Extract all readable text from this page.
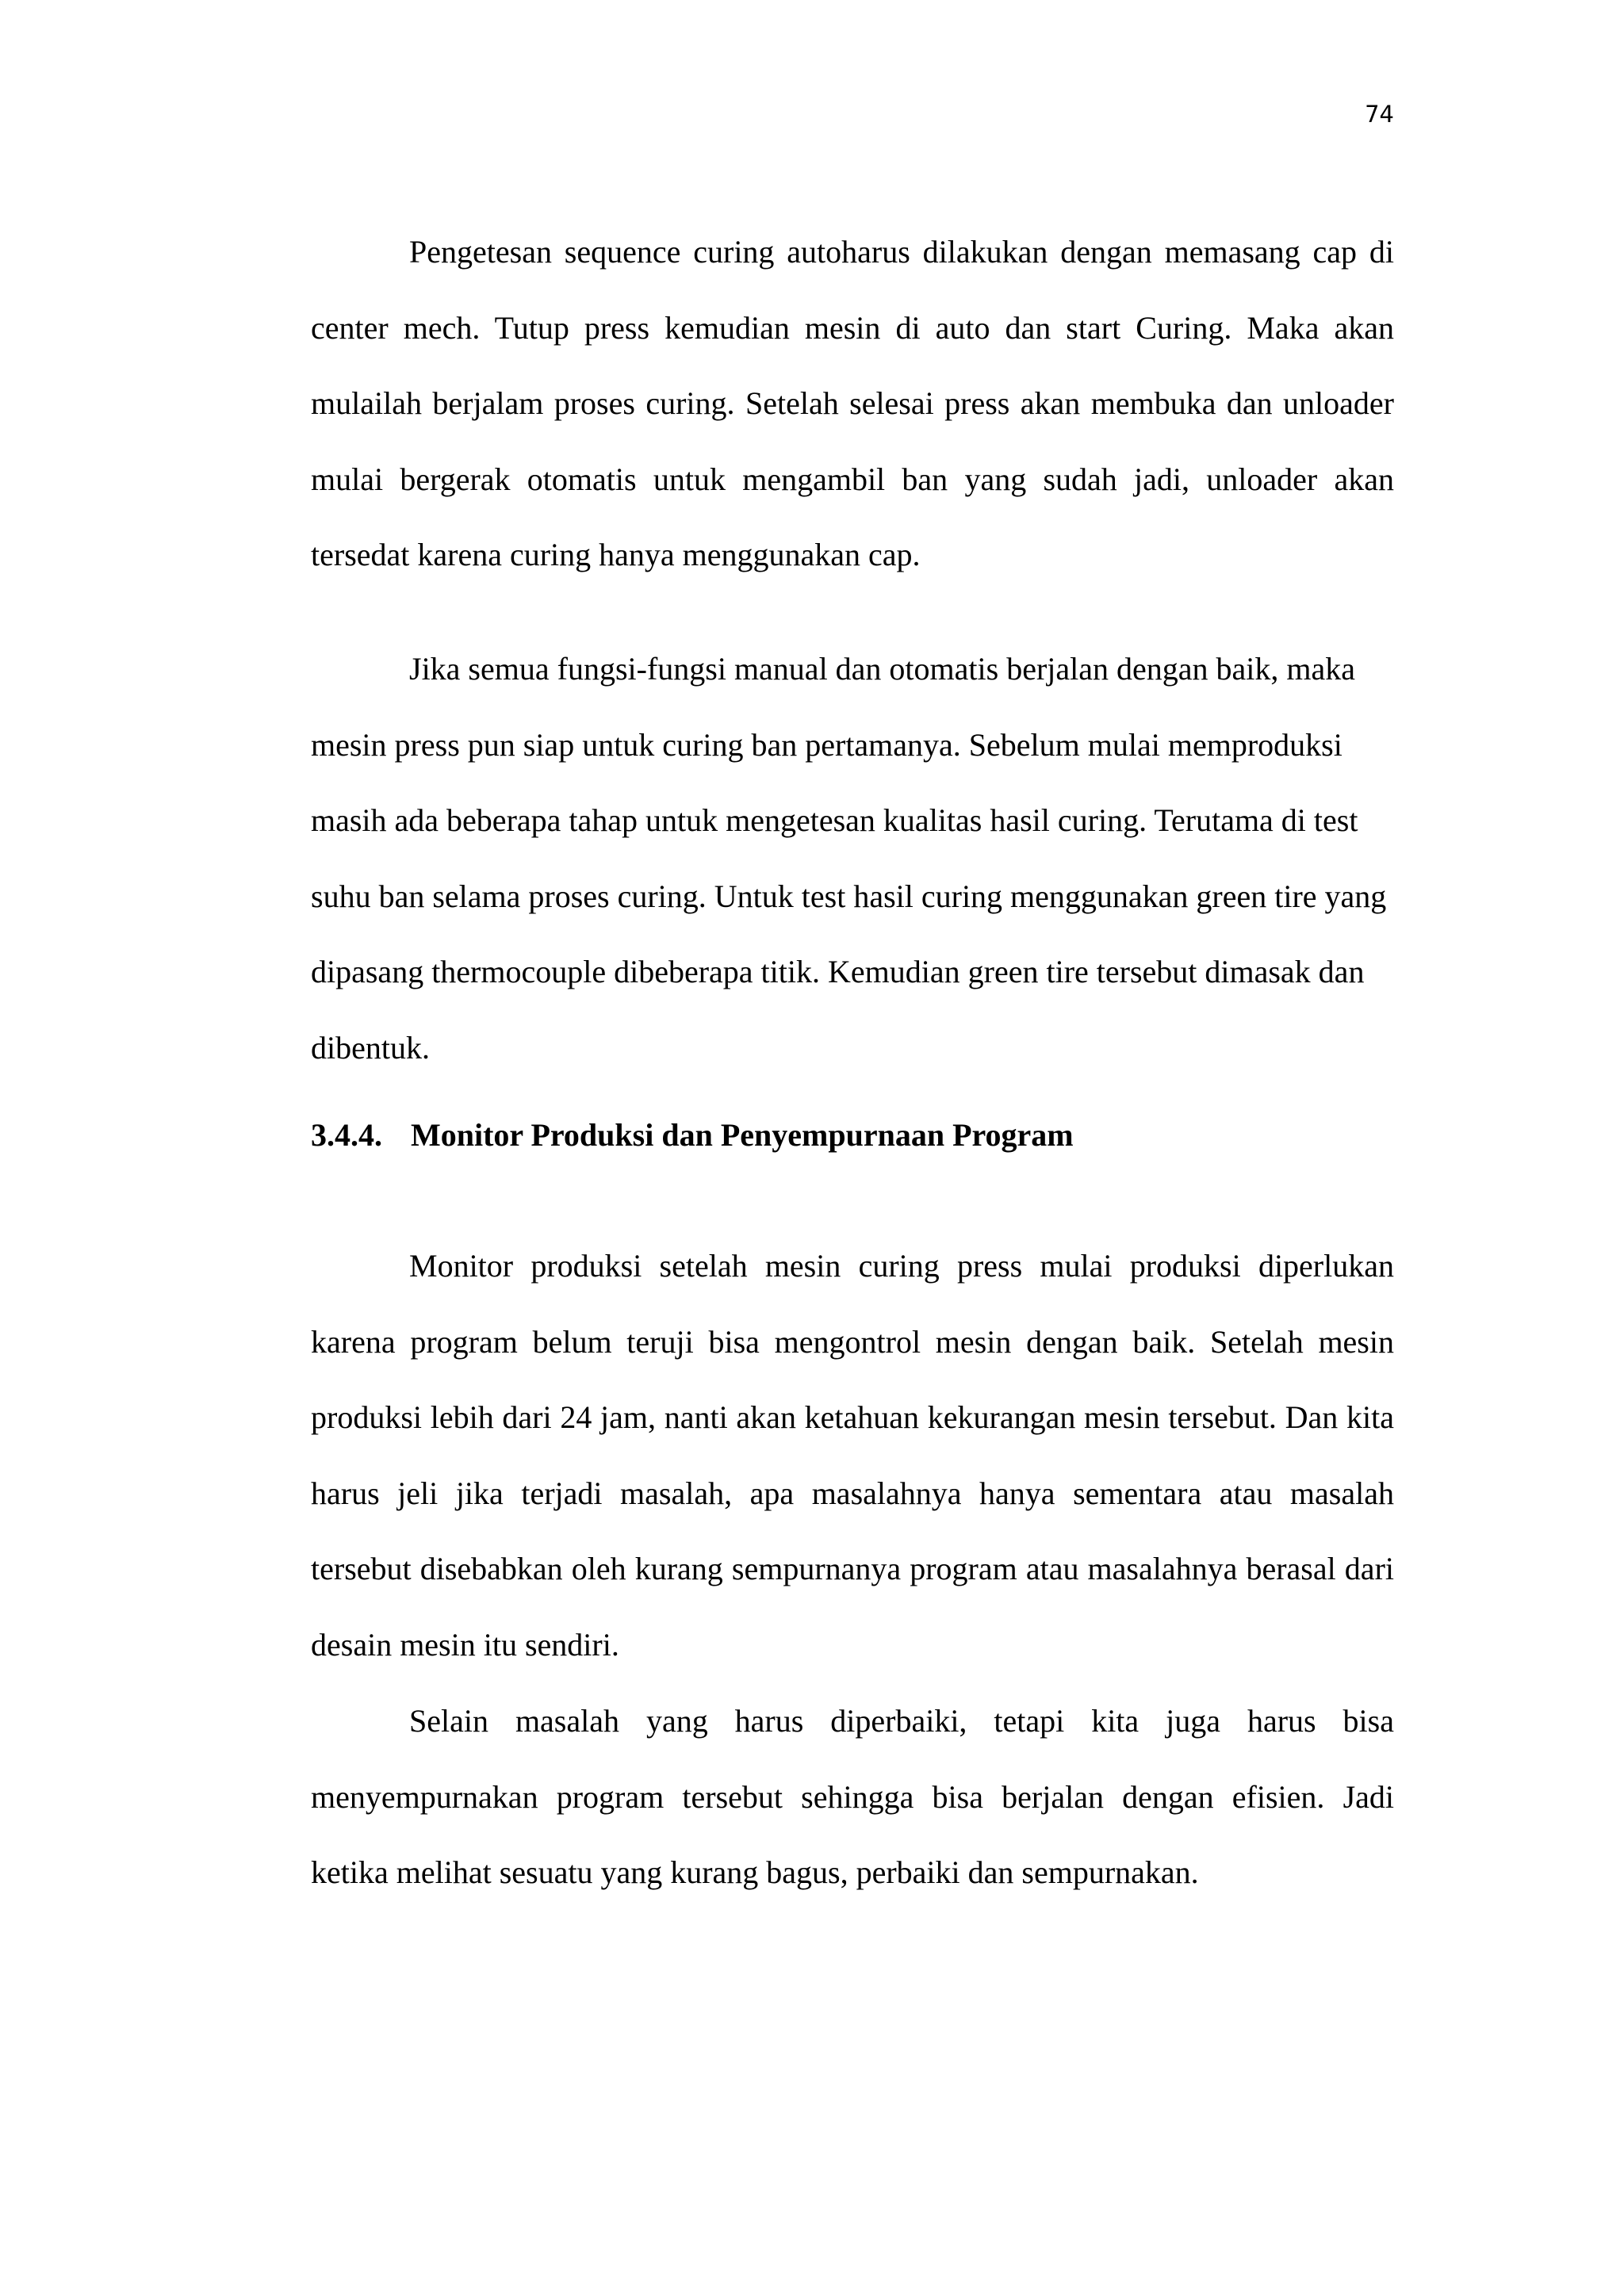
74

Pengetesan sequence curing autoharus dilakukan dengan memasang cap di center mech. Tutup press kemudian mesin di auto dan start Curing. Maka akan mulailah berjalam proses curing. Setelah selesai press akan membuka dan unloader mulai bergerak otomatis untuk mengambil ban yang sudah jadi, unloader akan tersedat karena curing hanya menggunakan cap.

Jika semua fungsi-fungsi manual dan otomatis berjalan dengan baik, maka mesin press pun siap untuk curing ban pertamanya. Sebelum mulai memproduksi masih ada beberapa tahap untuk mengetesan kualitas hasil curing. Terutama di test suhu ban selama proses curing. Untuk test hasil curing menggunakan green tire yang dipasang thermocouple dibeberapa titik. Kemudian green tire tersebut dimasak dan dibentuk.

3.4.4. Monitor Produksi dan Penyempurnaan Program

Monitor produksi setelah mesin curing press mulai produksi diperlukan karena program belum teruji bisa mengontrol mesin dengan baik. Setelah mesin produksi lebih dari 24 jam, nanti akan ketahuan kekurangan mesin tersebut. Dan kita harus jeli jika terjadi masalah, apa masalahnya hanya sementara atau masalah tersebut disebabkan oleh kurang sempurnanya program atau masalahnya berasal dari desain mesin itu sendiri.

Selain masalah yang harus diperbaiki, tetapi kita juga harus bisa menyempurnakan program tersebut sehingga bisa berjalan dengan efisien. Jadi ketika melihat sesuatu yang kurang bagus, perbaiki dan sempurnakan.
